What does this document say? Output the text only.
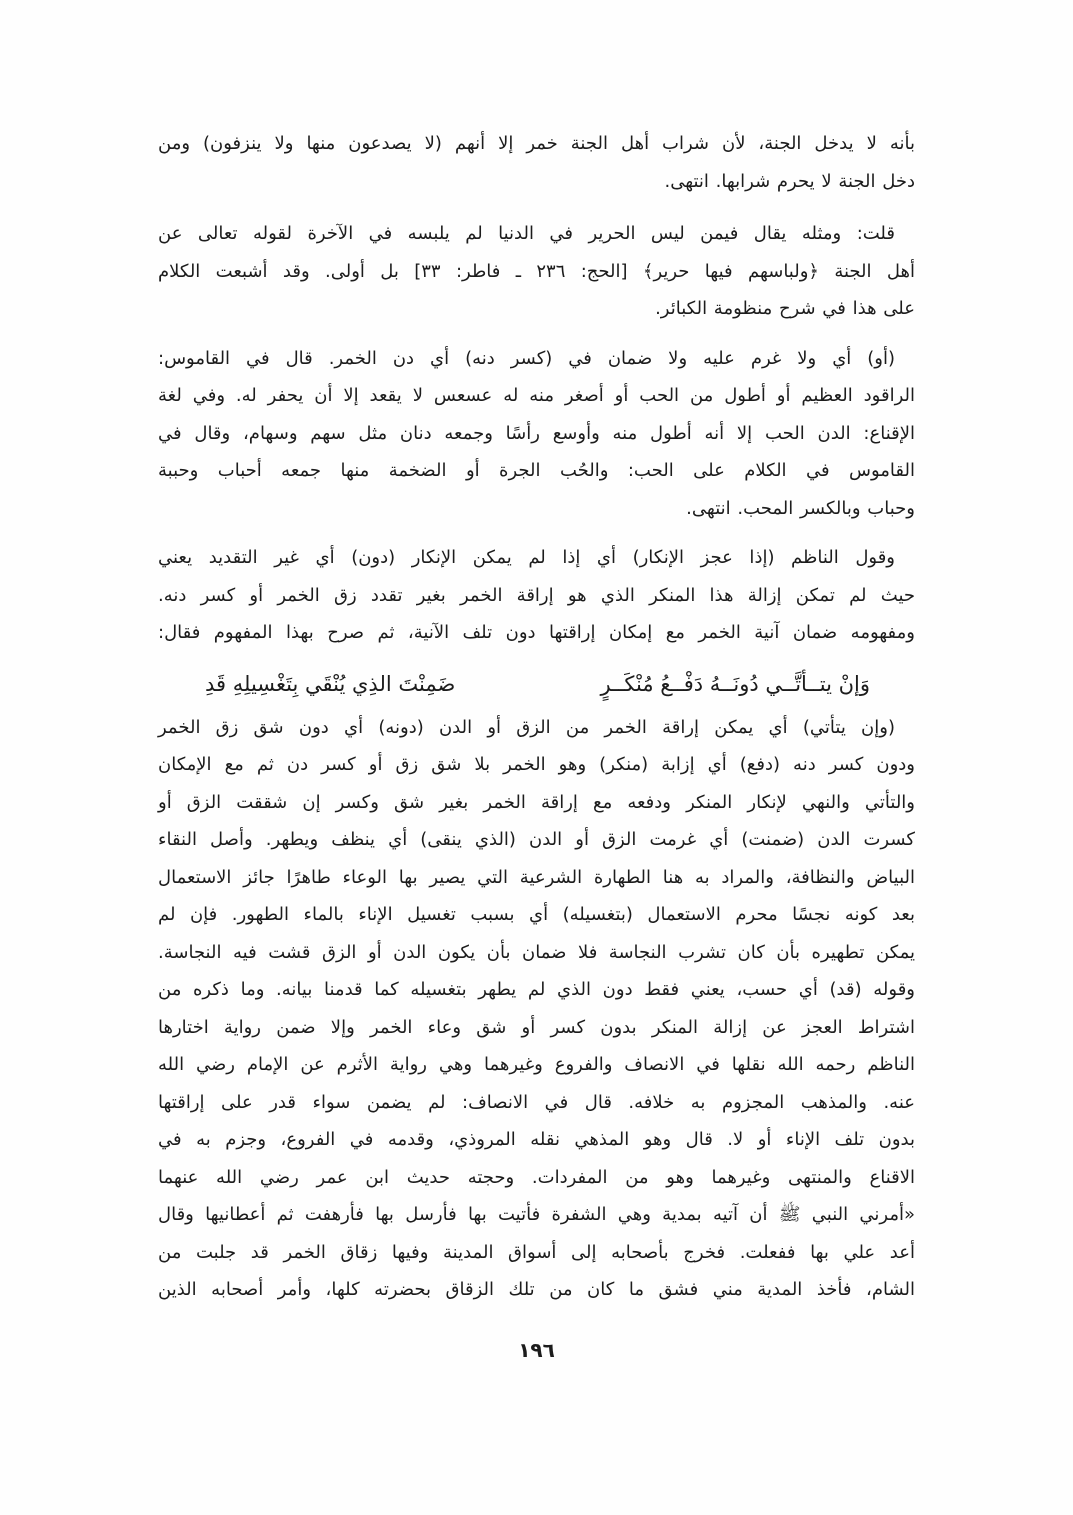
بأنه لا يدخل الجنة، لأن شراب أهل الجنة خمر إلا أنهم (لا يصدعون منها ولا ينزفون) ومن
دخل الجنة لا يحرم شرابها. انتهى.
قلت: ومثله يقال فيمن ليس الحرير في الدنيا لم يلبسه في الآخرة لقوله تعالى عن
أهل الجنة ﴿ولباسهم فيها حرير﴾ [الحج: ٢٣٦ ـ فاطر: ٣٣] بل أولى. وقد أشبعت الكلام
على هذا في شرح منظومة الكبائر.
(أو) أي ولا غرم عليه ولا ضمان في (كسر دنه) أي دن الخمر. قال في القاموس:
الراقود العظيم أو أطول من الحب أو أصغر منه له عسعس لا يقعد إلا أن يحفر له. وفي لغة
الإقناع: الدن الحب إلا أنه أطول منه وأوسع رأسًا وجمعه دنان مثل سهم وسهام، وقال في
القاموس في الكلام على الحب: والحُب الجرة أو الضخمة منها جمعه أحباب وحببة
وحباب وبالكسر المحب. انتهى.
وقول الناظم (إذا عجز الإنكار) أي إذا لم يمكن الإنكار (دون) أي غير التقديد يعني
حيث لم تمكن إزالة هذا المنكر الذي هو إراقة الخمر بغير تقدد زق الخمر أو كسر دنه.
ومفهومه ضمان آنية الخمر مع إمكان إراقتها دون تلف الآنية، ثم صرح بهذا المفهوم فقال:
وَإنْ يتــأتَّــي دُونَــهُ دَفْــعُ مُنْكَــرٍ
ضَمِنْتَ الذِي يُنْقَي بِتَغْسِيلِهِ قَدِ
(وإن يتأتي) أي يمكن إراقة الخمر من الزق أو الدن (دونه) أي دون شق زق الخمر
ودون كسر دنه (دفع) أي إزابة (منكر) وهو الخمر بلا شق زق أو كسر دن ثم مع الإمكان
والتأتي والنهي لإنكار المنكر ودفعه مع إراقة الخمر بغير شق وكسر إن شققت الزق أو
كسرت الدن (ضمنت) أي غرمت الزق أو الدن (الذي ينقى) أي ينظف ويطهر. وأصل النقاء
البياض والنظافة، والمراد به هنا الطهارة الشرعية التي يصير بها الوعاء طاهرًا جائز الاستعمال
بعد كونه نجسًا محرم الاستعمال (بتغسيله) أي بسبب تغسيل الإناء بالماء الطهور. فإن لم
يمكن تطهيره بأن كان تشرب النجاسة فلا ضمان بأن يكون الدن أو الزق قشت فيه النجاسة.
وقوله (قد) أي حسب، يعني فقط دون الذي لم يطهر بتغسيله كما قدمنا بيانه. وما ذكره من
اشتراط العجز عن إزالة المنكر بدون كسر أو شق وعاء الخمر وإلا ضمن رواية اختارها
الناظم رحمه الله نقلها في الانصاف والفروع وغيرهما وهي رواية الأثرم عن الإمام رضي الله
عنه. والمذهب المجزوم به خلافه. قال في الانصاف: لم يضمن سواء قدر على إراقتها
بدون تلف الإناء أو لا. قال وهو المذهي نقله المروذي، وقدمه في الفروع، وجزم به في
الاقناع والمنتهى وغيرهما وهو من المفردات. وحجته حديث ابن عمر رضي الله عنهما
«أمرني النبي ﷺ أن آتيه بمدية وهي الشفرة فأتيت بها فأرسل بها فأرهفت ثم أعطانيها وقال
أعد علي بها ففعلت. فخرج بأصحابه إلى أسواق المدينة وفيها زقاق الخمر قد جلبت من
الشام، فأخذ المدية مني فشق ما كان من تلك الزقاق بحضرته كلها، وأمر أصحابه الذين
١٩٦
